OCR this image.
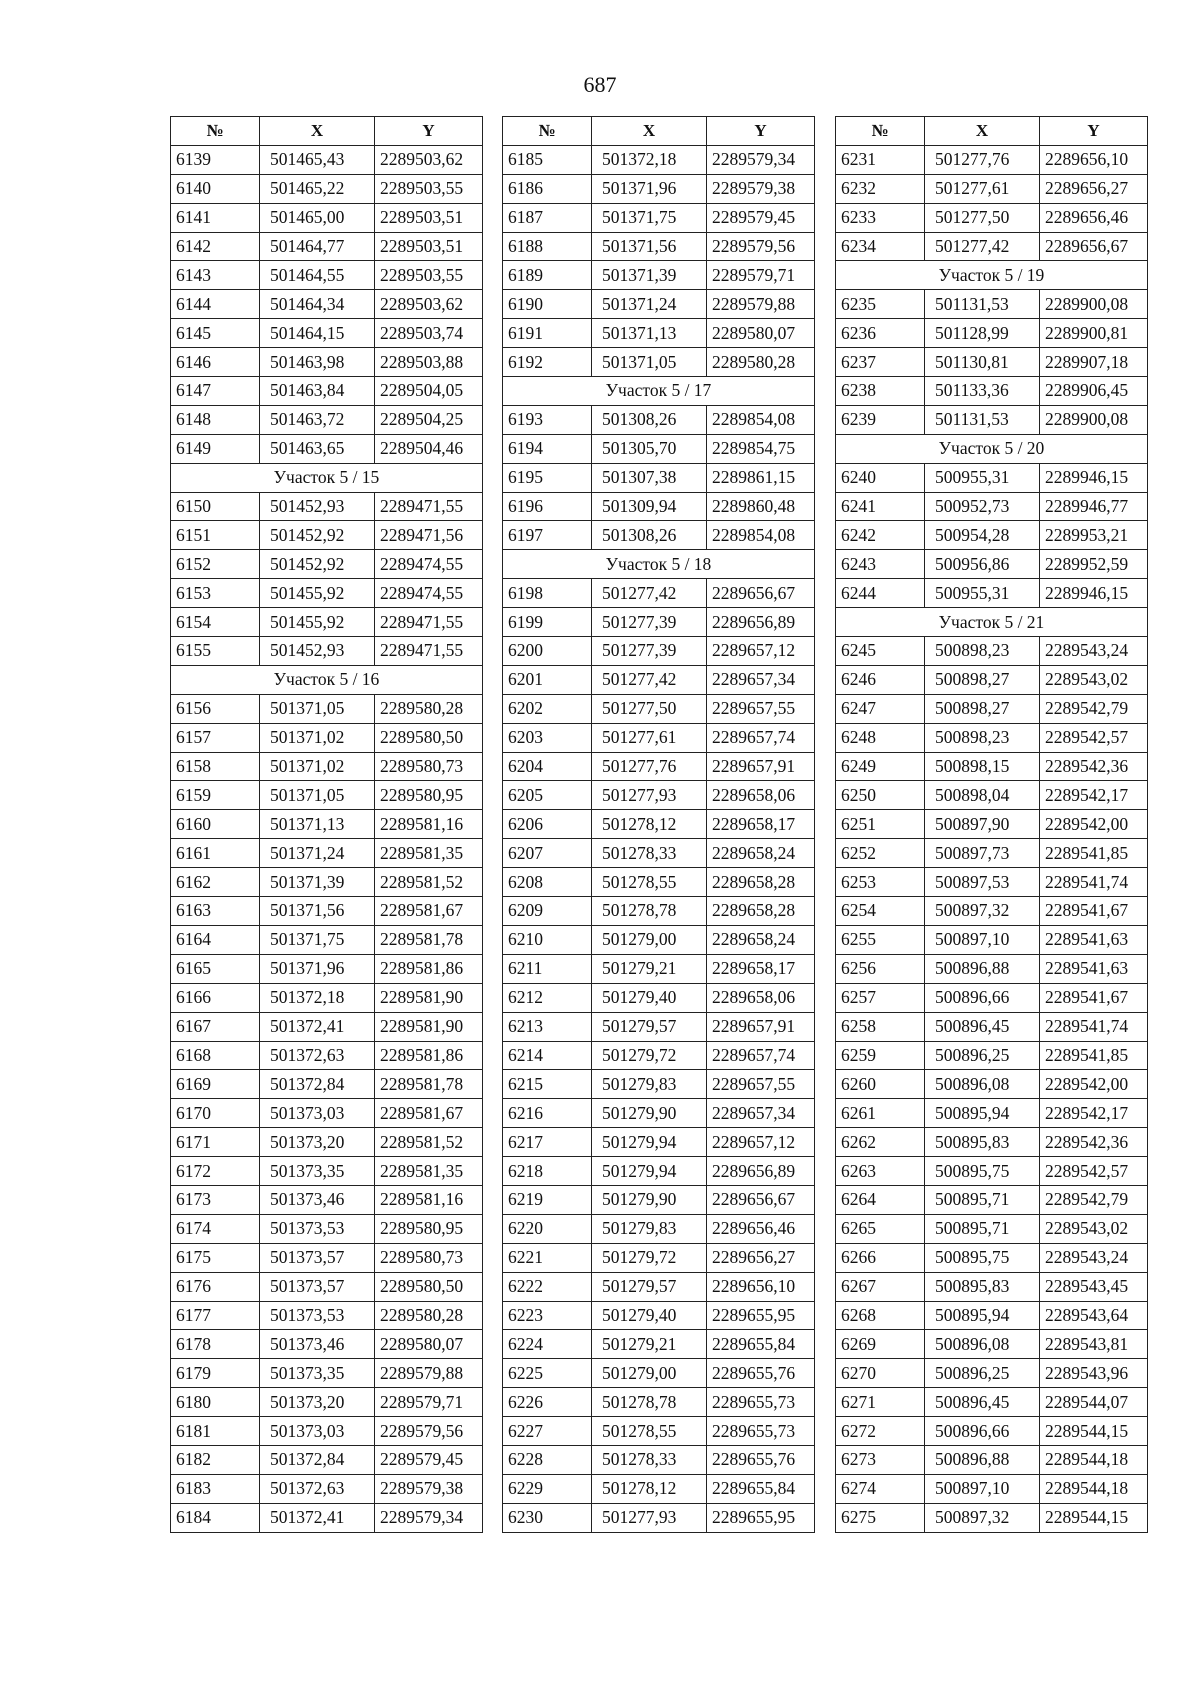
687
№	X	Y
6139	501465,43	2289503,62
6140	501465,22	2289503,55
6141	501465,00	2289503,51
6142	501464,77	2289503,51
6143	501464,55	2289503,55
6144	501464,34	2289503,62
6145	501464,15	2289503,74
6146	501463,98	2289503,88
6147	501463,84	2289504,05
6148	501463,72	2289504,25
6149	501463,65	2289504,46
Участок 5 / 15		
6150	501452,93	2289471,55
6151	501452,92	2289471,56
6152	501452,92	2289474,55
6153	501455,92	2289474,55
6154	501455,92	2289471,55
6155	501452,93	2289471,55
Участок 5 / 16		
6156	501371,05	2289580,28
6157	501371,02	2289580,50
6158	501371,02	2289580,73
6159	501371,05	2289580,95
6160	501371,13	2289581,16
6161	501371,24	2289581,35
6162	501371,39	2289581,52
6163	501371,56	2289581,67
6164	501371,75	2289581,78
6165	501371,96	2289581,86
6166	501372,18	2289581,90
6167	501372,41	2289581,90
6168	501372,63	2289581,86
6169	501372,84	2289581,78
6170	501373,03	2289581,67
6171	501373,20	2289581,52
6172	501373,35	2289581,35
6173	501373,46	2289581,16
6174	501373,53	2289580,95
6175	501373,57	2289580,73
6176	501373,57	2289580,50
6177	501373,53	2289580,28
6178	501373,46	2289580,07
6179	501373,35	2289579,88
6180	501373,20	2289579,71
6181	501373,03	2289579,56
6182	501372,84	2289579,45
6183	501372,63	2289579,38
6184	501372,41	2289579,34
№	X	Y
6185	501372,18	2289579,34
6186	501371,96	2289579,38
6187	501371,75	2289579,45
6188	501371,56	2289579,56
6189	501371,39	2289579,71
6190	501371,24	2289579,88
6191	501371,13	2289580,07
6192	501371,05	2289580,28
Участок 5 / 17		
6193	501308,26	2289854,08
6194	501305,70	2289854,75
6195	501307,38	2289861,15
6196	501309,94	2289860,48
6197	501308,26	2289854,08
Участок 5 / 18		
6198	501277,42	2289656,67
6199	501277,39	2289656,89
6200	501277,39	2289657,12
6201	501277,42	2289657,34
6202	501277,50	2289657,55
6203	501277,61	2289657,74
6204	501277,76	2289657,91
6205	501277,93	2289658,06
6206	501278,12	2289658,17
6207	501278,33	2289658,24
6208	501278,55	2289658,28
6209	501278,78	2289658,28
6210	501279,00	2289658,24
6211	501279,21	2289658,17
6212	501279,40	2289658,06
6213	501279,57	2289657,91
6214	501279,72	2289657,74
6215	501279,83	2289657,55
6216	501279,90	2289657,34
6217	501279,94	2289657,12
6218	501279,94	2289656,89
6219	501279,90	2289656,67
6220	501279,83	2289656,46
6221	501279,72	2289656,27
6222	501279,57	2289656,10
6223	501279,40	2289655,95
6224	501279,21	2289655,84
6225	501279,00	2289655,76
6226	501278,78	2289655,73
6227	501278,55	2289655,73
6228	501278,33	2289655,76
6229	501278,12	2289655,84
6230	501277,93	2289655,95
№	X	Y
6231	501277,76	2289656,10
6232	501277,61	2289656,27
6233	501277,50	2289656,46
6234	501277,42	2289656,67
Участок 5 / 19		
6235	501131,53	2289900,08
6236	501128,99	2289900,81
6237	501130,81	2289907,18
6238	501133,36	2289906,45
6239	501131,53	2289900,08
Участок 5 / 20		
6240	500955,31	2289946,15
6241	500952,73	2289946,77
6242	500954,28	2289953,21
6243	500956,86	2289952,59
6244	500955,31	2289946,15
Участок 5 / 21		
6245	500898,23	2289543,24
6246	500898,27	2289543,02
6247	500898,27	2289542,79
6248	500898,23	2289542,57
6249	500898,15	2289542,36
6250	500898,04	2289542,17
6251	500897,90	2289542,00
6252	500897,73	2289541,85
6253	500897,53	2289541,74
6254	500897,32	2289541,67
6255	500897,10	2289541,63
6256	500896,88	2289541,63
6257	500896,66	2289541,67
6258	500896,45	2289541,74
6259	500896,25	2289541,85
6260	500896,08	2289542,00
6261	500895,94	2289542,17
6262	500895,83	2289542,36
6263	500895,75	2289542,57
6264	500895,71	2289542,79
6265	500895,71	2289543,02
6266	500895,75	2289543,24
6267	500895,83	2289543,45
6268	500895,94	2289543,64
6269	500896,08	2289543,81
6270	500896,25	2289543,96
6271	500896,45	2289544,07
6272	500896,66	2289544,15
6273	500896,88	2289544,18
6274	500897,10	2289544,18
6275	500897,32	2289544,15
